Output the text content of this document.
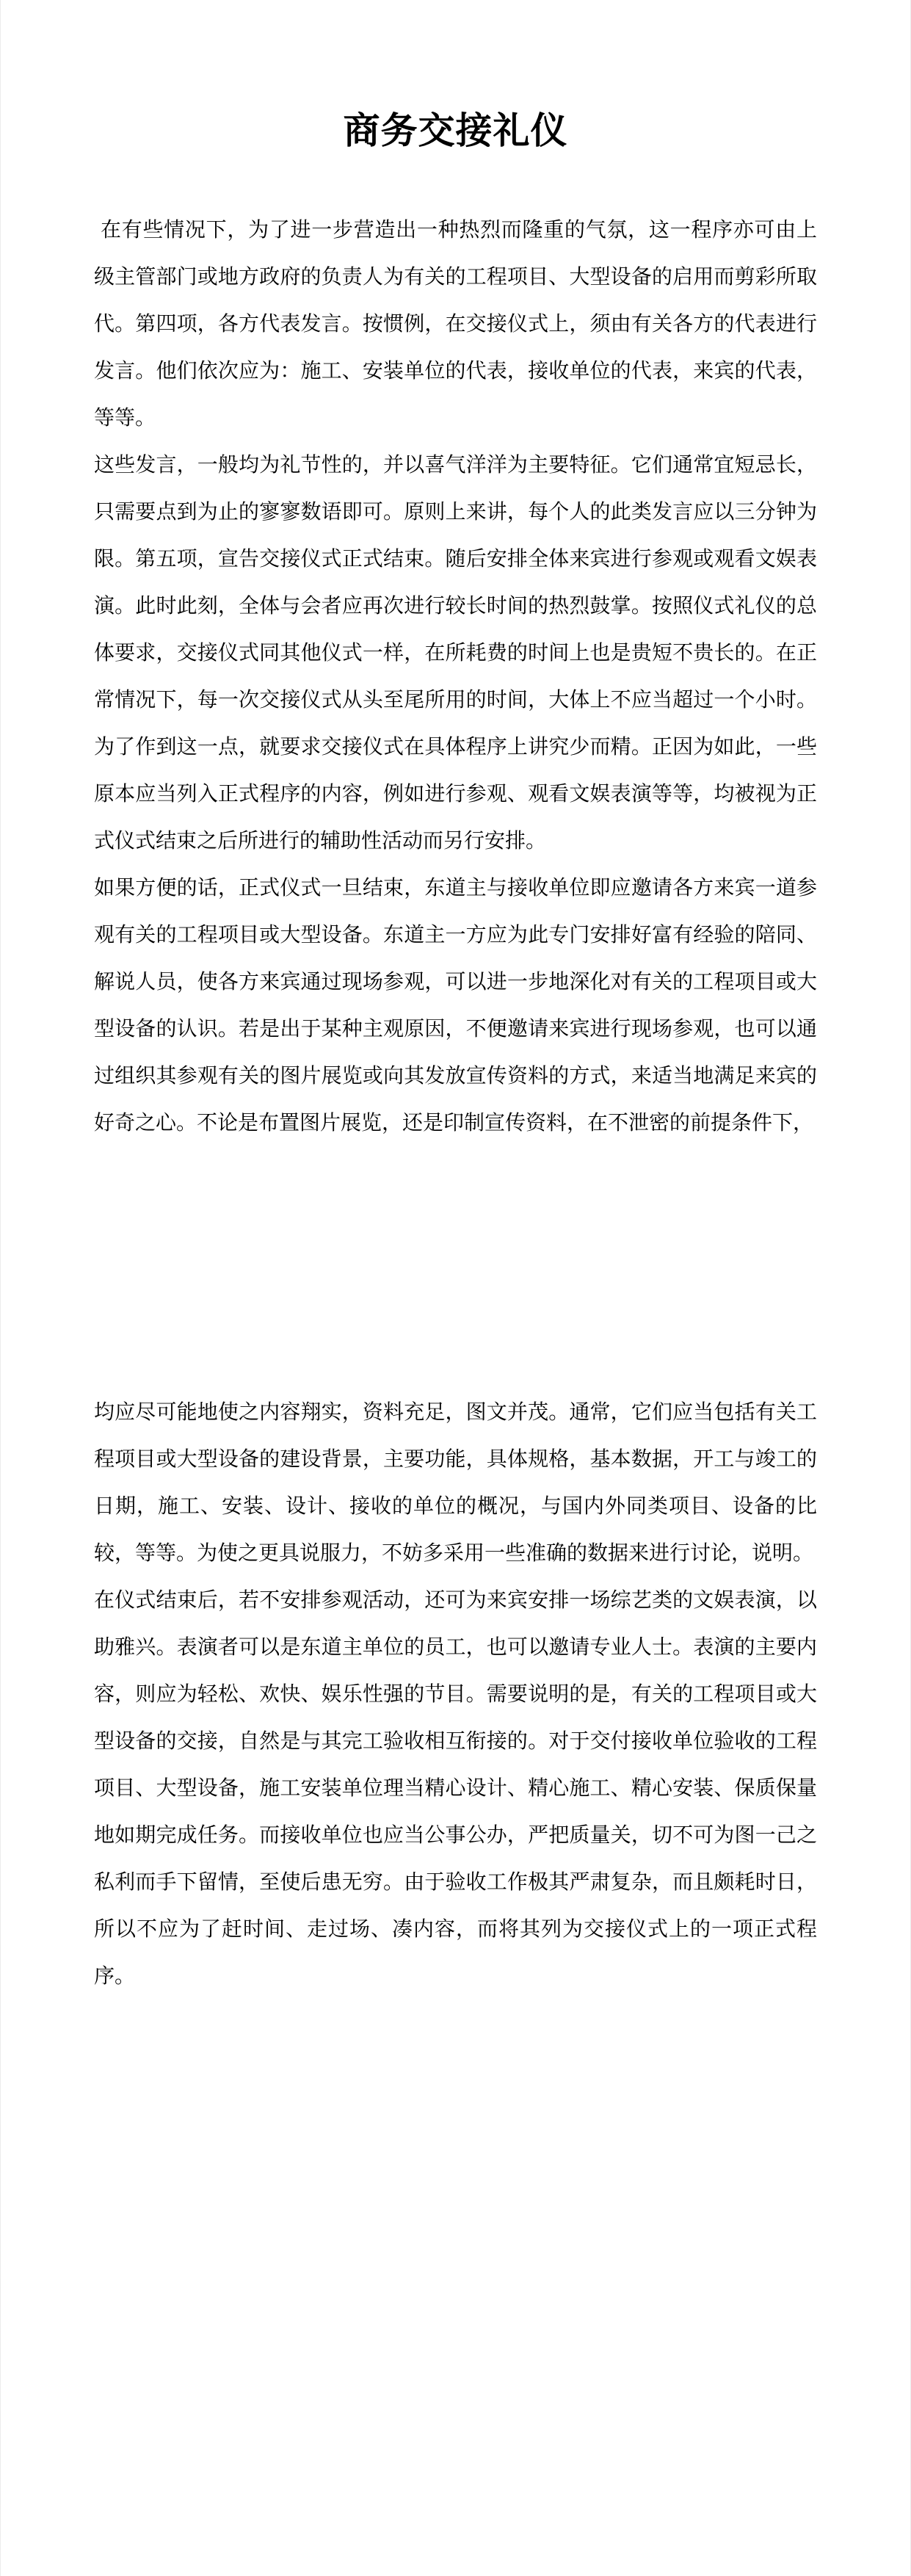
商务交接礼仪

在有些情况下，为了进一步营造出一种热烈而隆重的气氛，这一程序亦可由上级主管部门或地方政府的负责人为有关的工程项目、大型设备的启用而剪彩所取代。第四项，各方代表发言。按惯例，在交接仪式上，须由有关各方的代表进行发言。他们依次应为：施工、安装单位的代表，接收单位的代表，来宾的代表，等等。

这些发言，一般均为礼节性的，并以喜气洋洋为主要特征。它们通常宜短忌长，只需要点到为止的寥寥数语即可。原则上来讲，每个人的此类发言应以三分钟为限。第五项，宣告交接仪式正式结束。随后安排全体来宾进行参观或观看文娱表演。此时此刻，全体与会者应再次进行较长时间的热烈鼓掌。按照仪式礼仪的总体要求，交接仪式同其他仪式一样，在所耗费的时间上也是贵短不贵长的。在正常情况下，每一次交接仪式从头至尾所用的时间，大体上不应当超过一个小时。为了作到这一点，就要求交接仪式在具体程序上讲究少而精。正因为如此，一些原本应当列入正式程序的内容，例如进行参观、观看文娱表演等等，均被视为正式仪式结束之后所进行的辅助性活动而另行安排。

如果方便的话，正式仪式一旦结束，东道主与接收单位即应邀请各方来宾一道参观有关的工程项目或大型设备。东道主一方应为此专门安排好富有经验的陪同、解说人员，使各方来宾通过现场参观，可以进一步地深化对有关的工程项目或大型设备的认识。若是出于某种主观原因，不便邀请来宾进行现场参观，也可以通过组织其参观有关的图片展览或向其发放宣传资料的方式，来适当地满足来宾的好奇之心。不论是布置图片展览，还是印制宣传资料，在不泄密的前提条件下，

均应尽可能地使之内容翔实，资料充足，图文并茂。通常，它们应当包括有关工程项目或大型设备的建设背景，主要功能，具体规格，基本数据，开工与竣工的日期，施工、安装、设计、接收的单位的概况，与国内外同类项目、设备的比较，等等。为使之更具说服力，不妨多采用一些准确的数据来进行讨论，说明。

在仪式结束后，若不安排参观活动，还可为来宾安排一场综艺类的文娱表演，以助雅兴。表演者可以是东道主单位的员工，也可以邀请专业人士。表演的主要内容，则应为轻松、欢快、娱乐性强的节目。需要说明的是，有关的工程项目或大型设备的交接，自然是与其完工验收相互衔接的。对于交付接收单位验收的工程项目、大型设备，施工安装单位理当精心设计、精心施工、精心安装、保质保量地如期完成任务。而接收单位也应当公事公办，严把质量关，切不可为图一己之私利而手下留情，至使后患无穷。由于验收工作极其严肃复杂，而且颇耗时日，所以不应为了赶时间、走过场、凑内容，而将其列为交接仪式上的一项正式程序。
